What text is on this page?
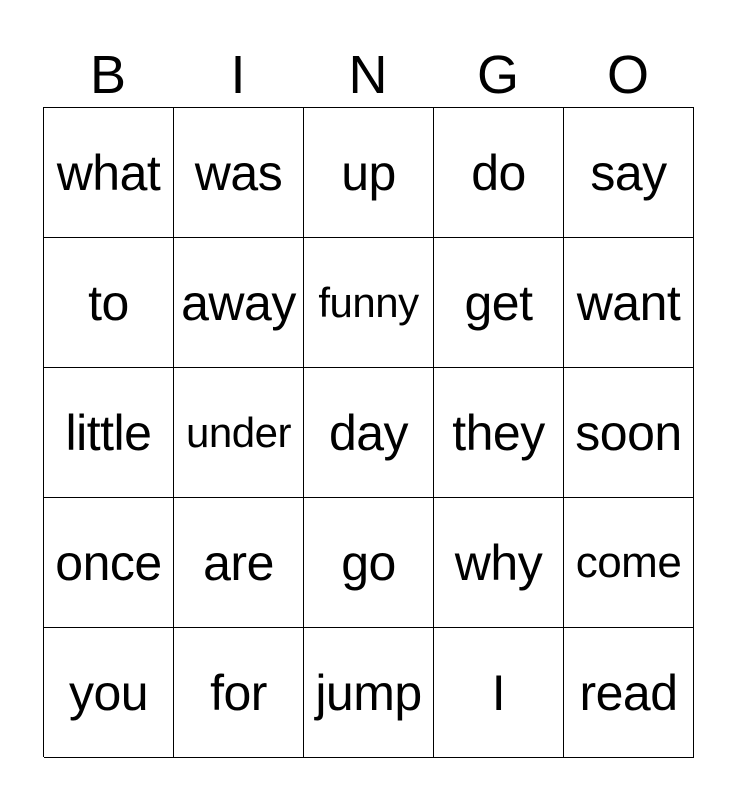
B	I	N	G	O
what was	up	do	say
to	away funny get want
little under day they soon
once are	go	why come
you	for jump	I	read
